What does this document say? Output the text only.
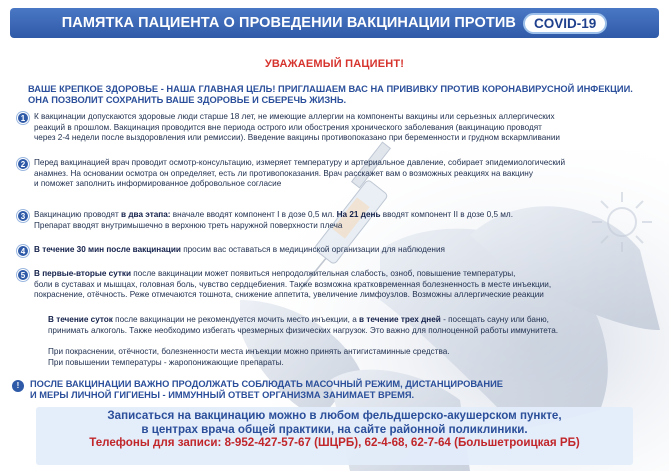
ПАМЯТКА ПАЦИЕНТА О ПРОВЕДЕНИИ ВАКЦИНАЦИИ ПРОТИВ	COVID-19
УВАЖАЕМЫЙ ПАЦИЕНТ!
ВАШЕ КРЕПКОЕ ЗДОРОВЬЕ - НАША ГЛАВНАЯ ЦЕЛЬ! ПРИГЛАШАЕМ ВАС НА ПРИВИВКУ ПРОТИВ КОРОНАВИРУСНОЙ ИНФЕКЦИИ.
ОНА ПОЗВОЛИТ СОХРАНИТЬ ВАШЕ ЗДОРОВЬЕ И СБЕРЕЧЬ ЖИЗНЬ.
1	К вакцинации допускаются здоровые люди старше 18 лет, не имеющие аллергии на компоненты вакцины или серьезных аллергических
реакций в прошлом. Вакцинация проводится вне периода острого или обострения хронического заболевания (вакцинацию проводят
через 2-4 недели после выздоровления или ремиссии). Введение вакцины противопоказано при беременности и грудном вскармливании
2	Перед вакцинацией врач проводит осмотр-консультацию, измеряет температуру и артериальное давление, собирает эпидемиологический
анамнез. На основании осмотра он определяет, есть ли противопоказания. Врач расскажет вам о возможных реакциях на вакцину
и поможет заполнить информированное добровольное согласие
3	Вакцинацию проводят в два этапа: вначале вводят компонент I в дозе 0,5 мл. На 21 день вводят компонент II в дозе 0,5 мл.
Препарат вводят внутримышечно в верхнюю треть наружной поверхности плеча
4	В течение 30 мин после вакцинации просим вас оставаться в медицинской организации для наблюдения
5	В первые-вторые сутки после вакцинации может появиться непродолжительная слабость, озноб, повышение температуры,
боли в суставах и мышцах, головная боль, чувство сердцебиения. Также возможна кратковременная болезненность в месте инъекции,
покраснение, отёчность. Реже отмечаются тошнота, снижение аппетита, увеличение лимфоузлов. Возможны аллергические реакции
В течение суток после вакцинации не рекомендуется мочить место инъекции, а в течение трех дней - посещать сауну или баню,
принимать алкоголь. Также необходимо избегать чрезмерных физических нагрузок. Это важно для полноценной работы иммунитета.
При покраснении, отёчности, болезненности места инъекции можно принять антигистаминные средства.
При повышении температуры - жаропонижающие препараты.
!	ПОСЛЕ ВАКЦИНАЦИИ ВАЖНО ПРОДОЛЖАТЬ СОБЛЮДАТЬ МАСОЧНЫЙ РЕЖИМ, ДИСТАНЦИРОВАНИЕ
И МЕРЫ ЛИЧНОЙ ГИГИЕНЫ - ИММУННЫЙ ОТВЕТ ОРГАНИЗМА ЗАНИМАЕТ ВРЕМЯ.
Записаться на вакцинацию можно в любом фельдшерско-акушерском пункте,
в центрах врача общей практики, на сайте районной поликлиники.
Телефоны для записи: 8-952-427-57-67 (ШЦРБ), 62-4-68, 62-7-64 (Большетроицкая РБ)
